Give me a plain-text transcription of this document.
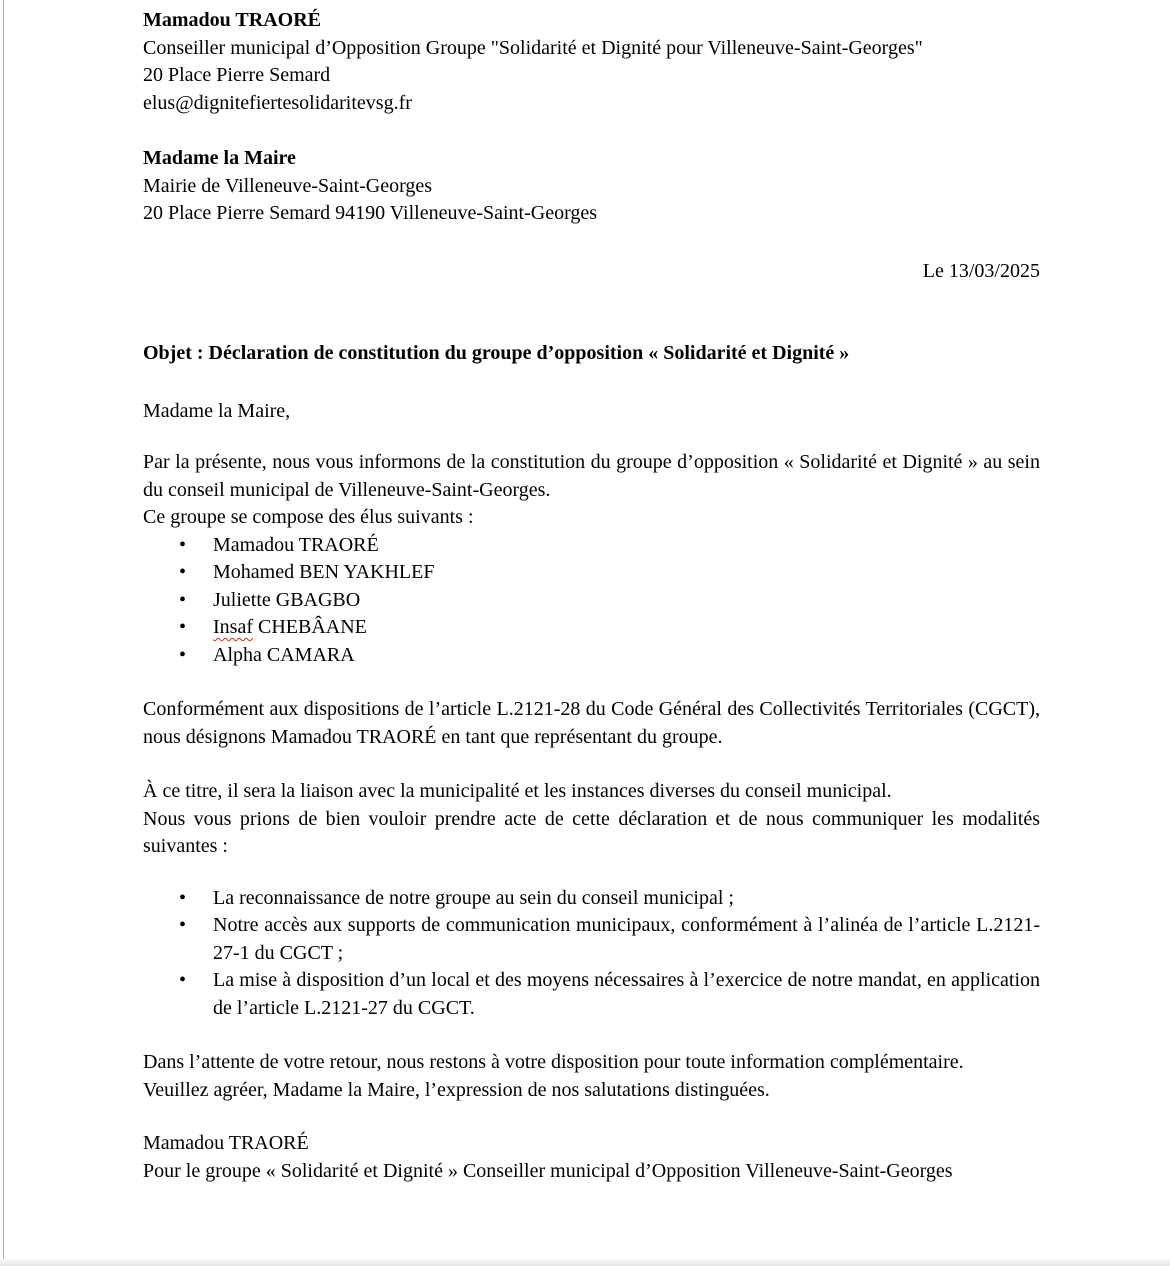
Mamadou TRAORÉ

Conseiller municipal d’Opposition Groupe "Solidarité et Dignité pour Villeneuve-Saint-Georges"

20 Place Pierre Semard

elus@dignitefiertesolidaritevsg.fr

Madame la Maire

Mairie de Villeneuve-Saint-Georges

20 Place Pierre Semard 94190 Villeneuve-Saint-Georges

Le 13/03/2025

Objet : Déclaration de constitution du groupe d’opposition « Solidarité et Dignité »

Madame la Maire,

Par la présente, nous vous informons de la constitution du groupe d’opposition « Solidarité et Dignité » au sein du conseil municipal de Villeneuve-Saint-Georges.

Ce groupe se compose des élus suivants :

• Mamadou TRAORÉ
• Mohamed BEN YAKHLEF
• Juliette GBAGBO
• Insaf CHEBÂANE
• Alpha CAMARA

Conformément aux dispositions de l’article L.2121-28 du Code Général des Collectivités Territoriales (CGCT), nous désignons Mamadou TRAORÉ en tant que représentant du groupe.

À ce titre, il sera la liaison avec la municipalité et les instances diverses du conseil municipal.

Nous vous prions de bien vouloir prendre acte de cette déclaration et de nous communiquer les modalités suivantes :

• La reconnaissance de notre groupe au sein du conseil municipal ;
• Notre accès aux supports de communication municipaux, conformément à l’alinéa de l’article L.2121-27-1 du CGCT ;
• La mise à disposition d’un local et des moyens nécessaires à l’exercice de notre mandat, en application de l’article L.2121-27 du CGCT.

Dans l’attente de votre retour, nous restons à votre disposition pour toute information complémentaire.

Veuillez agréer, Madame la Maire, l’expression de nos salutations distinguées.

Mamadou TRAORÉ

Pour le groupe « Solidarité et Dignité » Conseiller municipal d’Opposition Villeneuve-Saint-Georges
